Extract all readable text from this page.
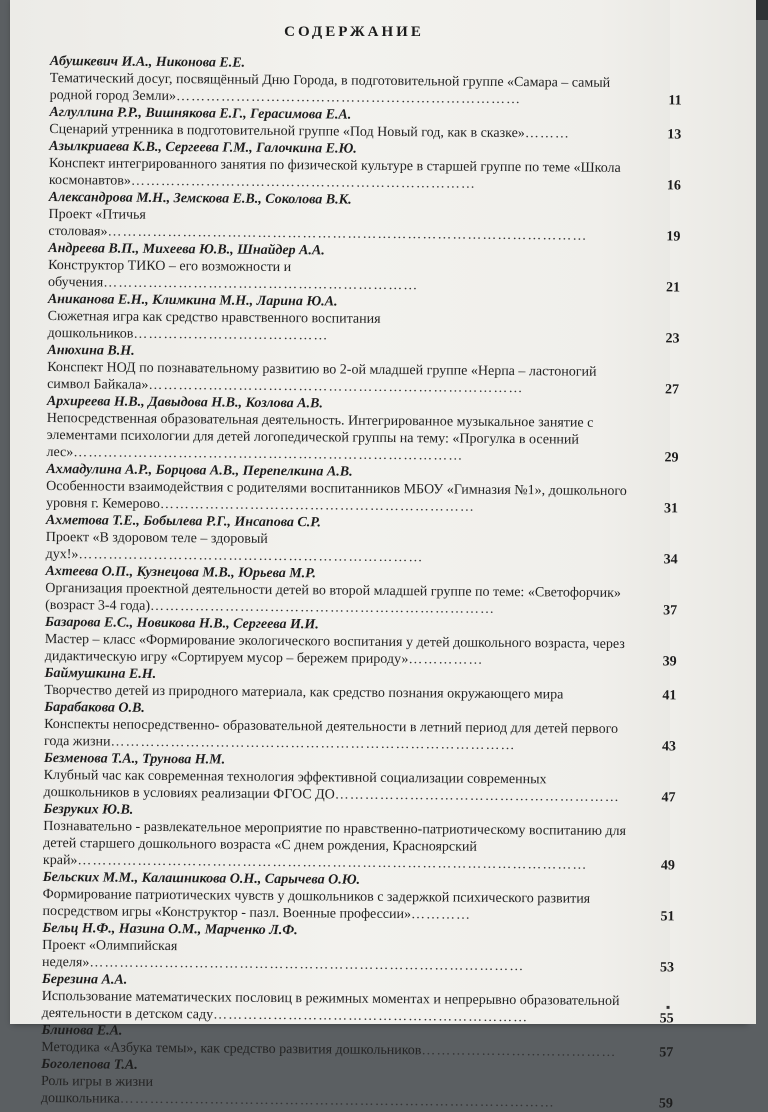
СОДЕРЖАНИЕ
Абушкевич И.А., Никонова Е.Е.
Тематический досуг, посвящённый Дню Города, в подготовительной группе «Самара – самый родной город Земли»……………………………………………………………	11
Аглуллина Р.Р., Вишнякова Е.Г., Герасимова Е.А.
Сценарий утренника в подготовительной группе «Под Новый год, как в сказке»………	13
Азылкриаева К.В., Сергеева Г.М., Галочкина Е.Ю.
Конспект интегрированного занятия по физической культуре в старшей группе по теме «Школа космонавтов»……………………………………………………………	16
Александрова М.Н., Земскова Е.В., Соколова В.К.
Проект «Птичья столовая»……………………………………………………………………………………	19
Андреева В.П., Михеева Ю.В., Шнайдер А.А.
Конструктор ТИКО – его возможности и обучения………………………………………………………	21
Аниканова Е.Н., Климкина М.Н., Ларина Ю.А.
Сюжетная игра как средство нравственного воспитания дошкольников…………………………………	23
Анюхина В.Н.
Конспект НОД по познавательному развитию во 2-ой младшей группе «Нерпа – ластоногий символ Байкала»…………………………………………………………………	27
Архиреева Н.В., Давыдова Н.В., Козлова А.В.
Непосредственная образовательная деятельность. Интегрированное музыкальное занятие с элементами психологии для детей логопедической группы на тему: «Прогулка в осенний лес»……………………………………………………………………	29
Ахмадулина А.Р., Борцова А.В., Перепелкина А.В.
Особенности взаимодействия с родителями воспитанников МБОУ «Гимназия №1», дошкольного уровня г. Кемерово………………………………………………………	31
Ахметова Т.Е., Бобылева Р.Г., Инсапова С.Р.
Проект «В здоровом теле – здоровый дух!»……………………………………………………………	34
Ахтеева О.П., Кузнецова М.В., Юрьева М.Р.
Организация проектной деятельности детей во второй младшей группе по теме: «Светофорчик» (возраст 3-4 года)……………………………………………………………	37
Базарова Е.С., Новикова Н.В., Сергеева И.И.
Мастер – класс «Формирование экологического воспитания у детей дошкольного возраста, через дидактическую игру «Сортируем мусор – бережем природу»……………	39
Баймушкина Е.Н.
Творчество детей из природного материала, как средство познания окружающего мира	41
Барабакова О.В.
Конспекты непосредственно- образовательной деятельности в летний период для детей первого года жизни………………………………………………………………………	43
Безменова Т.А., Трунова Н.М.
Клубный час как современная технология эффективной социализации современных дошкольников в условиях реализации ФГОС ДО…………………………………………………	47
Безруких Ю.В.
Познавательно - развлекательное мероприятие по нравственно-патриотическому воспитанию для детей старшего дошкольного возраста «С днем рождения, Красноярский край»…………………………………………………………………………………………	49
Бельских М.М., Калашникова О.Н., Сарычева О.Ю.
Формирование патриотических чувств у дошкольников с задержкой психического развития посредством игры «Конструктор - пазл. Военные профессии»…………	51
Бельц Н.Ф., Назина О.М., Марченко Л.Ф.
Проект «Олимпийская неделя»……………………………………………………………………………	53
Березина А.А.
Использование математических пословиц в режимных моментах и непрерывно образовательной деятельности в детском саду………………………………………………………	55
Блинова Е.А.
Методика «Азбука темы», как средство развития дошкольников…………………………………	57
Боголепова Т.А.
Роль игры в жизни дошкольника……………………………………………………………………………	59
▪
